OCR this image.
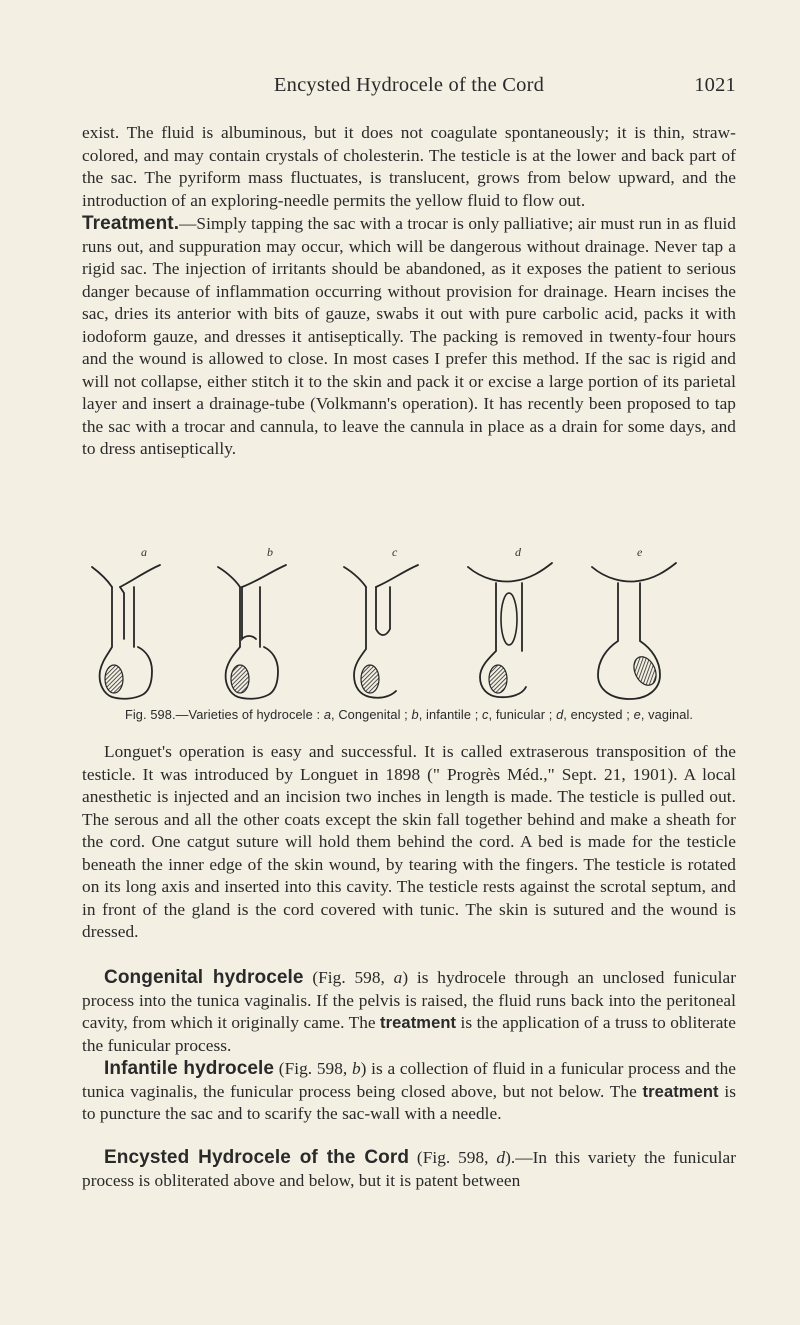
Encysted Hydrocele of the Cord	1021
exist. The fluid is albuminous, but it does not coagulate spontaneously; it is thin, straw-colored, and may contain crystals of cholesterin. The testicle is at the lower and back part of the sac. The pyriform mass fluctuates, is translucent, grows from below upward, and the introduction of an exploring-needle permits the yellow fluid to flow out.
Treatment.—Simply tapping the sac with a trocar is only palliative; air must run in as fluid runs out, and suppuration may occur, which will be dangerous without drainage. Never tap a rigid sac. The injection of irritants should be abandoned, as it exposes the patient to serious danger because of inflammation occurring without provision for drainage. Hearn incises the sac, dries its anterior with bits of gauze, swabs it out with pure carbolic acid, packs it with iodoform gauze, and dresses it antiseptically. The packing is removed in twenty-four hours and the wound is allowed to close. In most cases I prefer this method. If the sac is rigid and will not collapse, either stitch it to the skin and pack it or excise a large portion of its parietal layer and insert a drainage-tube (Volkmann's operation). It has recently been proposed to tap the sac with a trocar and cannula, to leave the cannula in place as a drain for some days, and to dress antiseptically.
a	b	c	d	e
Fig. 598.—Varieties of hydrocele : a, Congenital ; b, infantile ; c, funicular ; d, encysted ; e, vaginal.
Longuet's operation is easy and successful. It is called extraserous transposition of the testicle. It was introduced by Longuet in 1898 (" Progrès Méd.," Sept. 21, 1901). A local anesthetic is injected and an incision two inches in length is made. The testicle is pulled out. The serous and all the other coats except the skin fall together behind and make a sheath for the cord. One catgut suture will hold them behind the cord. A bed is made for the testicle beneath the inner edge of the skin wound, by tearing with the fingers. The testicle is rotated on its long axis and inserted into this cavity. The testicle rests against the scrotal septum, and in front of the gland is the cord covered with tunic. The skin is sutured and the wound is dressed.
Congenital hydrocele (Fig. 598, a) is hydrocele through an unclosed funicular process into the tunica vaginalis. If the pelvis is raised, the fluid runs back into the peritoneal cavity, from which it originally came. The treatment is the application of a truss to obliterate the funicular process.
Infantile hydrocele (Fig. 598, b) is a collection of fluid in a funicular process and the tunica vaginalis, the funicular process being closed above, but not below. The treatment is to puncture the sac and to scarify the sac-wall with a needle.
Encysted Hydrocele of the Cord (Fig. 598, d).—In this variety the funicular process is obliterated above and below, but it is patent between
